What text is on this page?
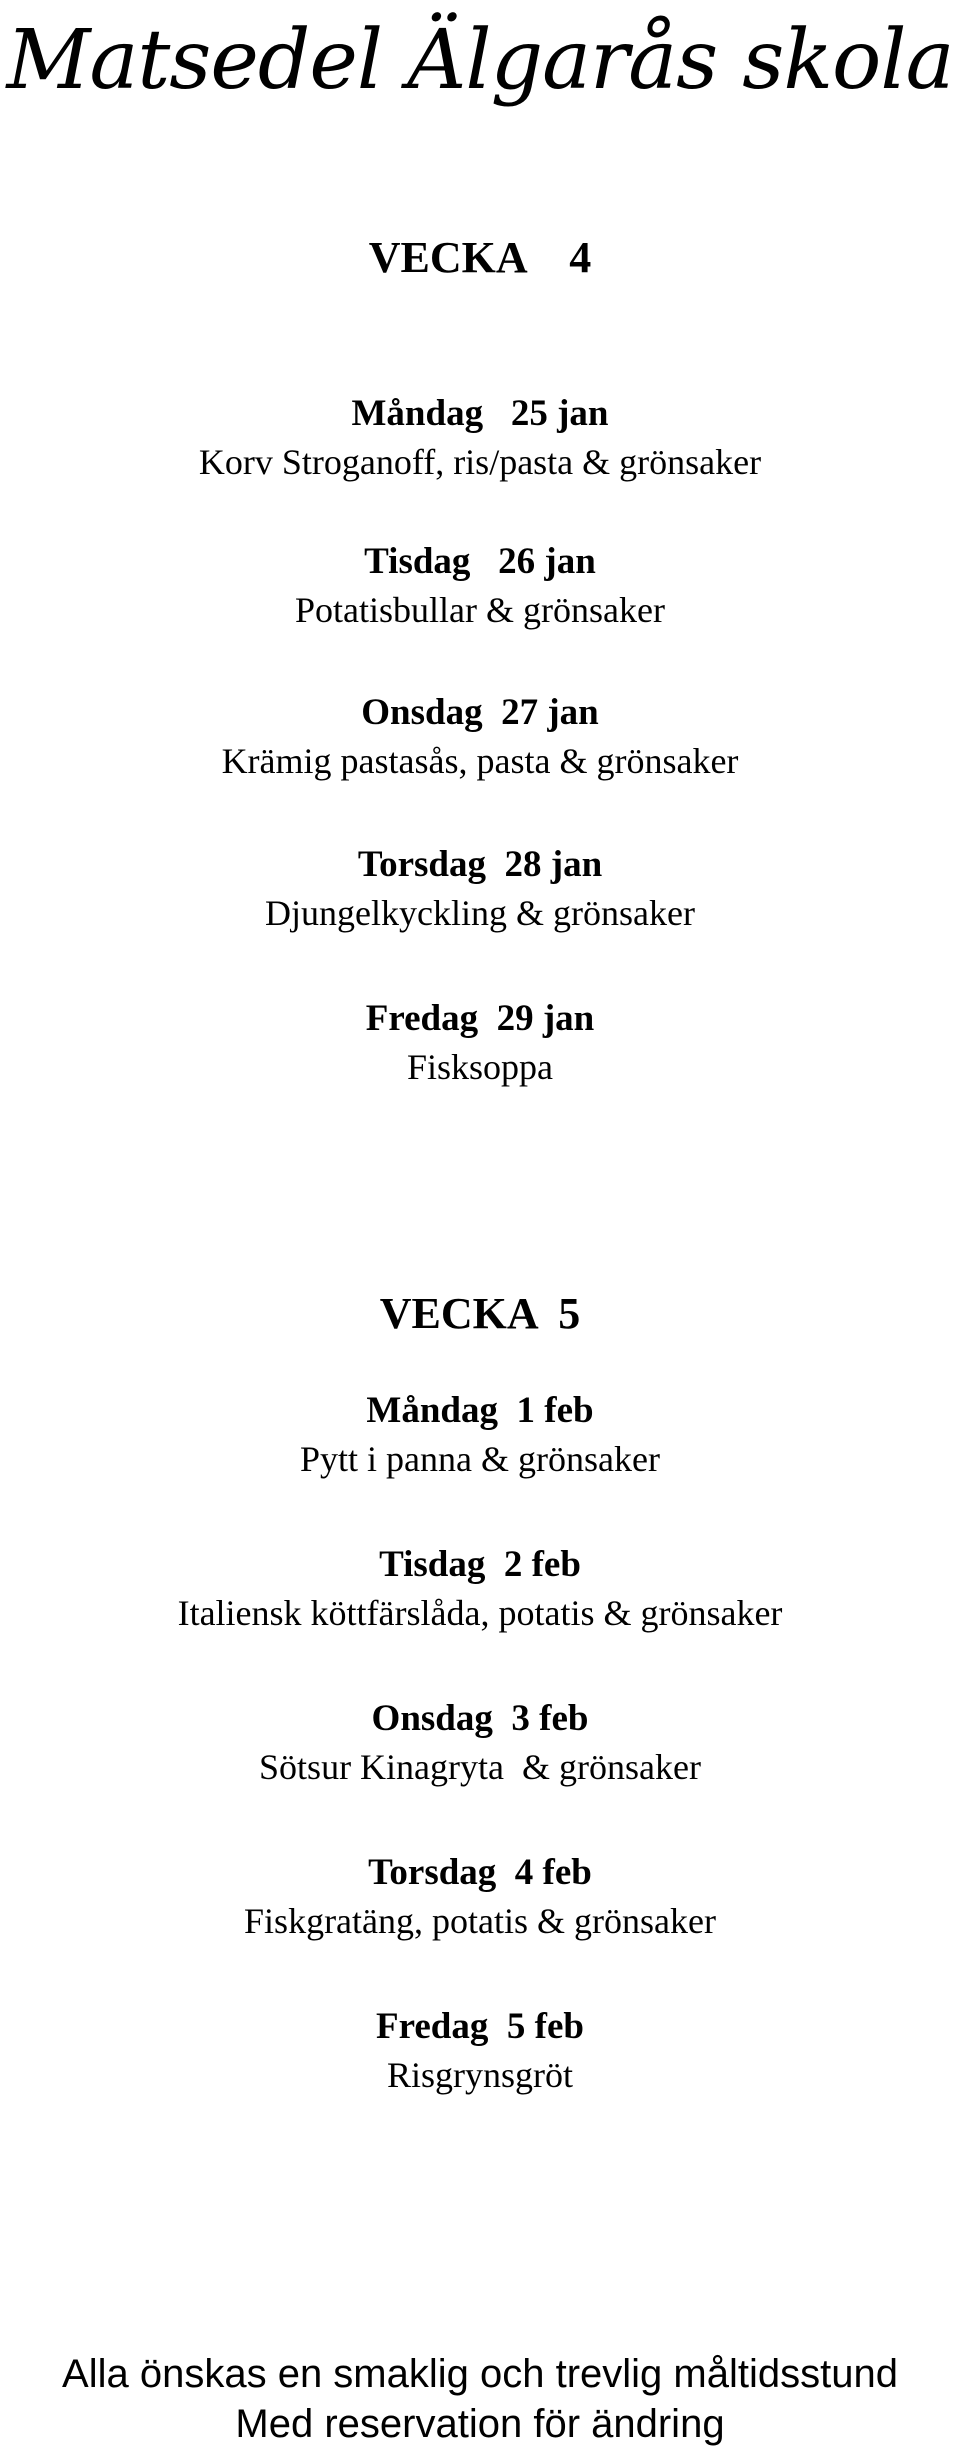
Matsedel Älgarås skola
VECKA    4
Måndag   25 jan
Korv Stroganoff, ris/pasta & grönsaker
Tisdag   26 jan
Potatisbullar & grönsaker
Onsdag  27 jan
Krämig pastasås, pasta & grönsaker
Torsdag  28 jan
Djungelkyckling & grönsaker
Fredag  29 jan
Fisksoppa
VECKA  5
Måndag  1 feb
Pytt i panna & grönsaker
Tisdag  2 feb
Italiensk köttfärslåda, potatis & grönsaker
Onsdag  3 feb
Sötsur Kinagryta  & grönsaker
Torsdag  4 feb
Fiskgratäng, potatis & grönsaker
Fredag  5 feb
Risgrynsgröt
Alla önskas en smaklig och trevlig måltidsstund
Med reservation för ändring
